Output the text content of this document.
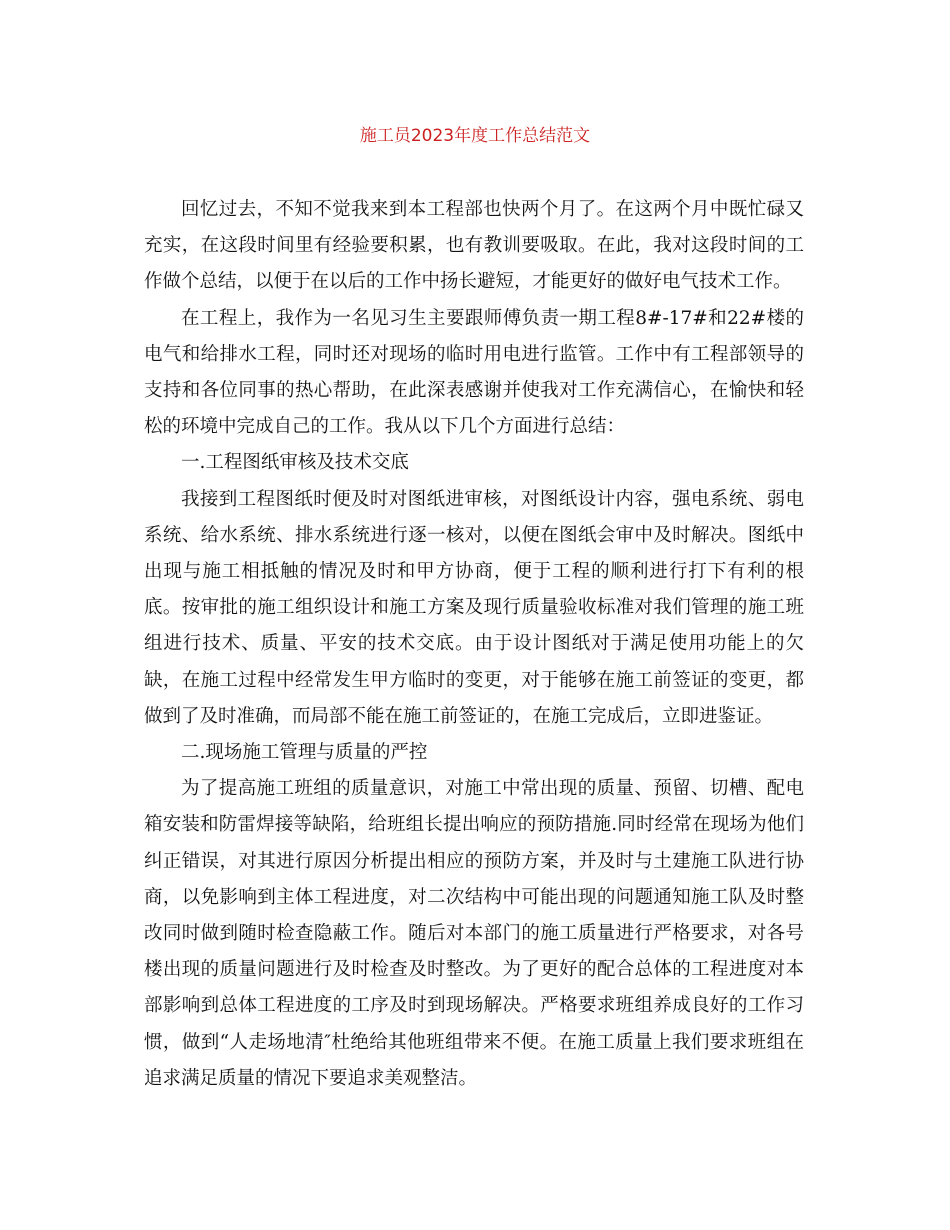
施工员2023年度工作总结范文

回忆过去，不知不觉我来到本工程部也快两个月了。在这两个月中既忙碌又充实，在这段时间里有经验要积累，也有教训要吸取。在此，我对这段时间的工作做个总结，以便于在以后的工作中扬长避短，才能更好的做好电气技术工作。

在工程上，我作为一名见习生主要跟师傅负责一期工程8#-17#和22#楼的电气和给排水工程，同时还对现场的临时用电进行监管。工作中有工程部领导的支持和各位同事的热心帮助，在此深表感谢并使我对工作充满信心，在愉快和轻松的环境中完成自己的工作。我从以下几个方面进行总结：

一.工程图纸审核及技术交底

我接到工程图纸时便及时对图纸进审核，对图纸设计内容，强电系统、弱电系统、给水系统、排水系统进行逐一核对，以便在图纸会审中及时解决。图纸中出现与施工相抵触的情况及时和甲方协商，便于工程的顺利进行打下有利的根底。按审批的施工组织设计和施工方案及现行质量验收标准对我们管理的施工班组进行技术、质量、平安的技术交底。由于设计图纸对于满足使用功能上的欠缺，在施工过程中经常发生甲方临时的变更，对于能够在施工前签证的变更，都做到了及时准确，而局部不能在施工前签证的，在施工完成后，立即进鉴证。

二.现场施工管理与质量的严控

为了提高施工班组的质量意识，对施工中常出现的质量、预留、切槽、配电箱安装和防雷焊接等缺陷，给班组长提出响应的预防措施.同时经常在现场为他们纠正错误，对其进行原因分析提出相应的预防方案，并及时与土建施工队进行协商，以免影响到主体工程进度，对二次结构中可能出现的问题通知施工队及时整改同时做到随时检查隐蔽工作。随后对本部门的施工质量进行严格要求，对各号楼出现的质量问题进行及时检查及时整改。为了更好的配合总体的工程进度对本部影响到总体工程进度的工序及时到现场解决。严格要求班组养成良好的工作习惯，做到“人走场地清″杜绝给其他班组带来不便。在施工质量上我们要求班组在追求满足质量的情况下要追求美观整洁。
